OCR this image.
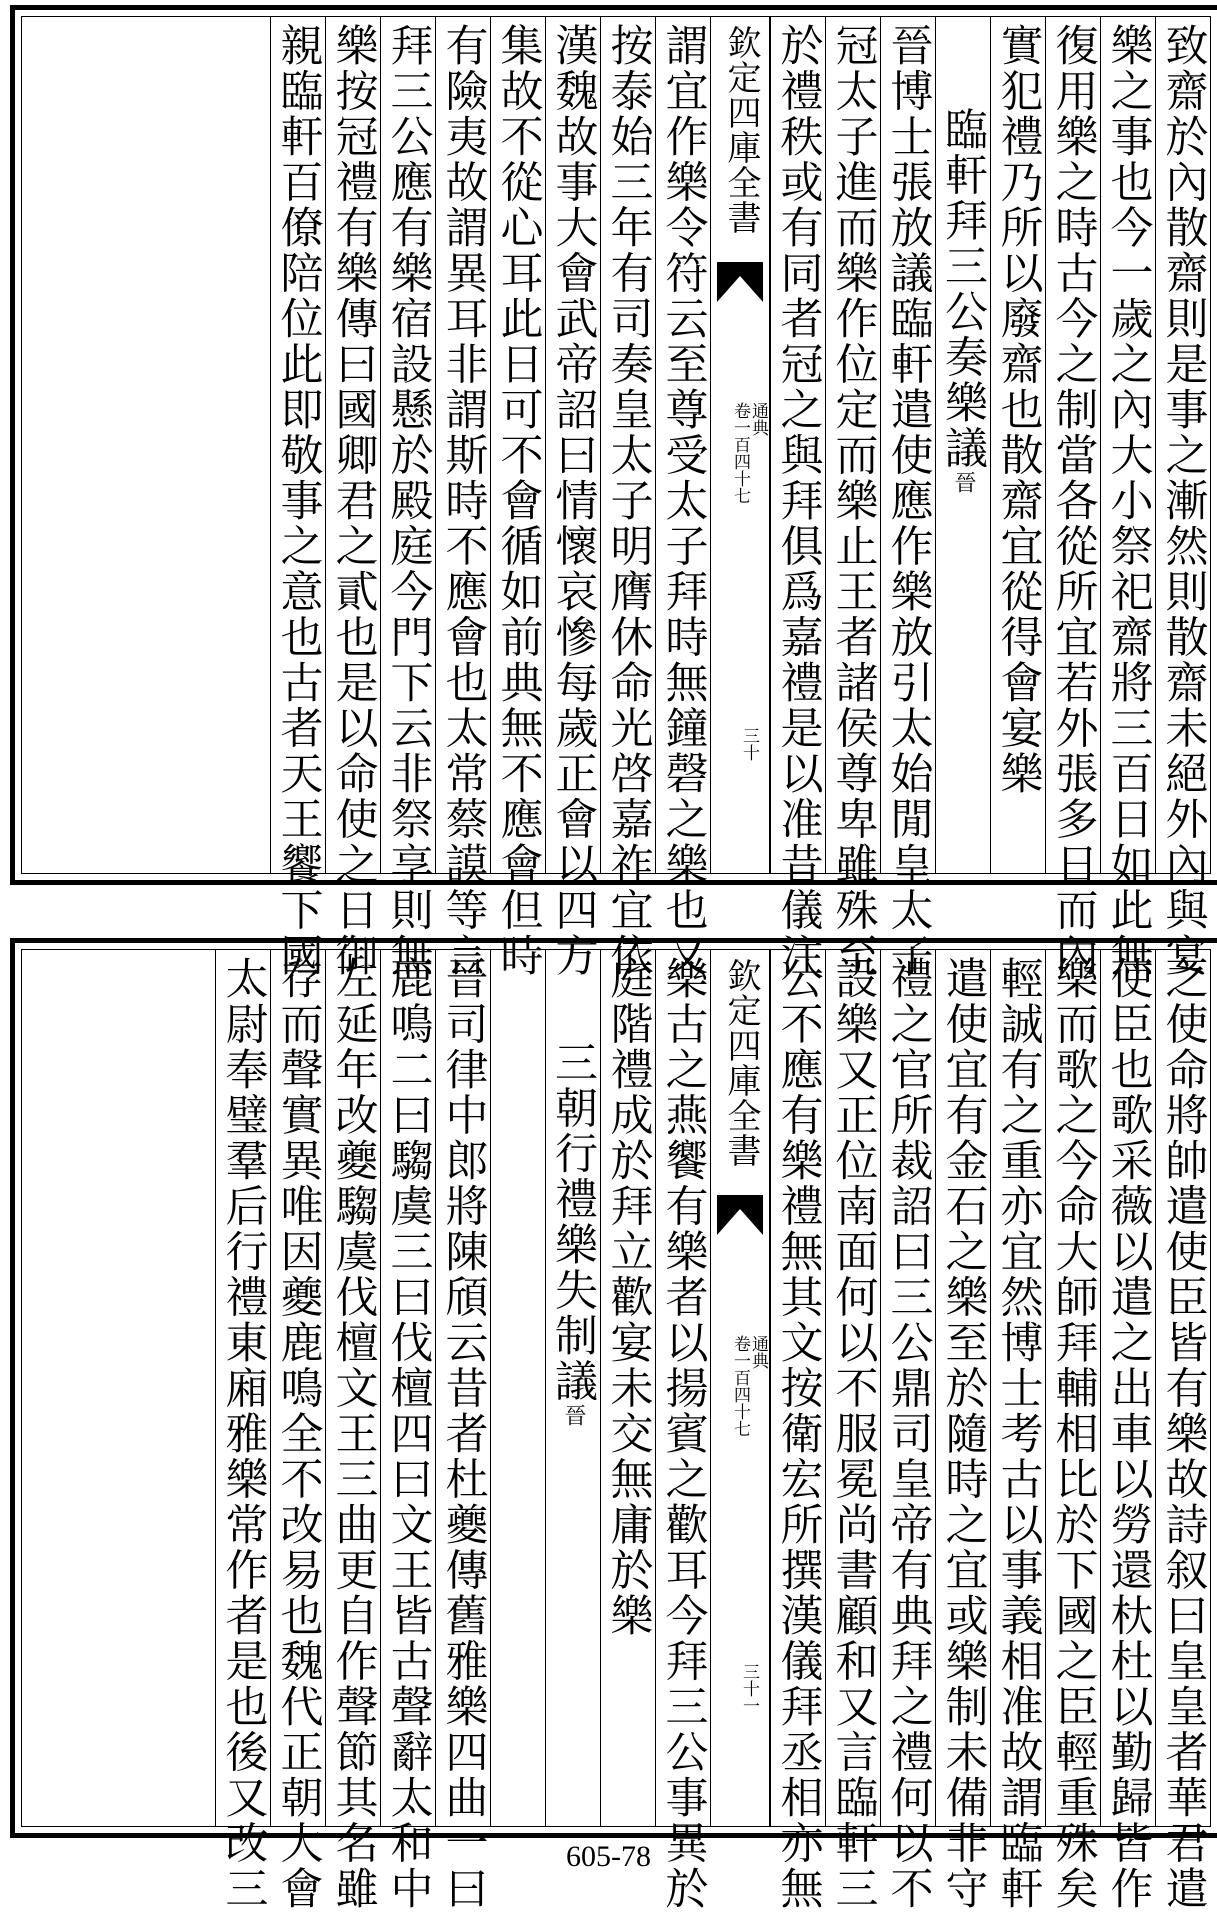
致齋於內散齋則是事之漸然則散齋未絕外內與宴
樂之事也今一歲之內大小祭祀齋將三百日如此無
復用樂之時古今之制當各從所宜若外張多日而內
實犯禮乃所以廢齋也散齋宜從得會宴樂
臨軒拜三公奏樂議晉
晉博士張放議臨軒遣使應作樂放引太始閒皇太子
冠太子進而樂作位定而樂止王者諸侯尊卑雖殊至
於禮秩或有同者冠之與拜俱爲嘉禮是以准昔儀注
欽定四庫全書
通典
卷一百四十七
三十
謂宜作樂令符云至尊受太子拜時無鐘磬之樂也又
按泰始三年有司奏皇太子明膺休命光啓嘉祚宜依
漢魏故事大會武帝詔曰情懷哀慘每歲正會以四方
集故不從心耳此日可不會循如前典無不應會但時
有險夷故謂異耳非謂斯時不應會也太常蔡謨等言
拜三公應有樂宿設懸於殿庭今門下云非祭享則無
樂按冠禮有樂傳曰國卿君之貳也是以命使之日御
親臨軒百僚陪位此即敬事之意也古者天王饗下國
之使命將帥遣使臣皆有樂故詩叙曰皇皇者華君遣
使臣也歌采薇以遣之出車以勞還杕杜以勤歸皆作
樂而歌之今命大師拜輔相比於下國之臣輕重殊矣
輕誠有之重亦宜然博士考古以事義相准故謂臨軒
遣使宜有金石之樂至於隨時之宜或樂制未備非守
禮之官所裁詔曰三公鼎司皇帝有典拜之禮何以不
設樂又正位南面何以不服冕尚書顧和又言臨軒三
公不應有樂禮無其文按衛宏所撰漢儀拜丞相亦無
欽定四庫全書
通典
卷一百四十七
三十一
樂古之燕饗有樂者以揚賓之歡耳今拜三公事異於
庭階禮成於拜立歡宴未交無庸於樂
三朝行禮樂失制議晉
晉司律中郎將陳頎云昔者杜夔傳舊雅樂四曲一曰
鹿鳴二曰騶虞三曰伐檀四曰文王皆古聲辭太和中
左延年改夔騶虞伐檀文王三曲更自作聲節其名雖
存而聲實異唯因夔鹿鳴全不改易也魏代正朝大會
太尉奉璧羣后行禮東廂雅樂常作者是也後又改三	605-78
